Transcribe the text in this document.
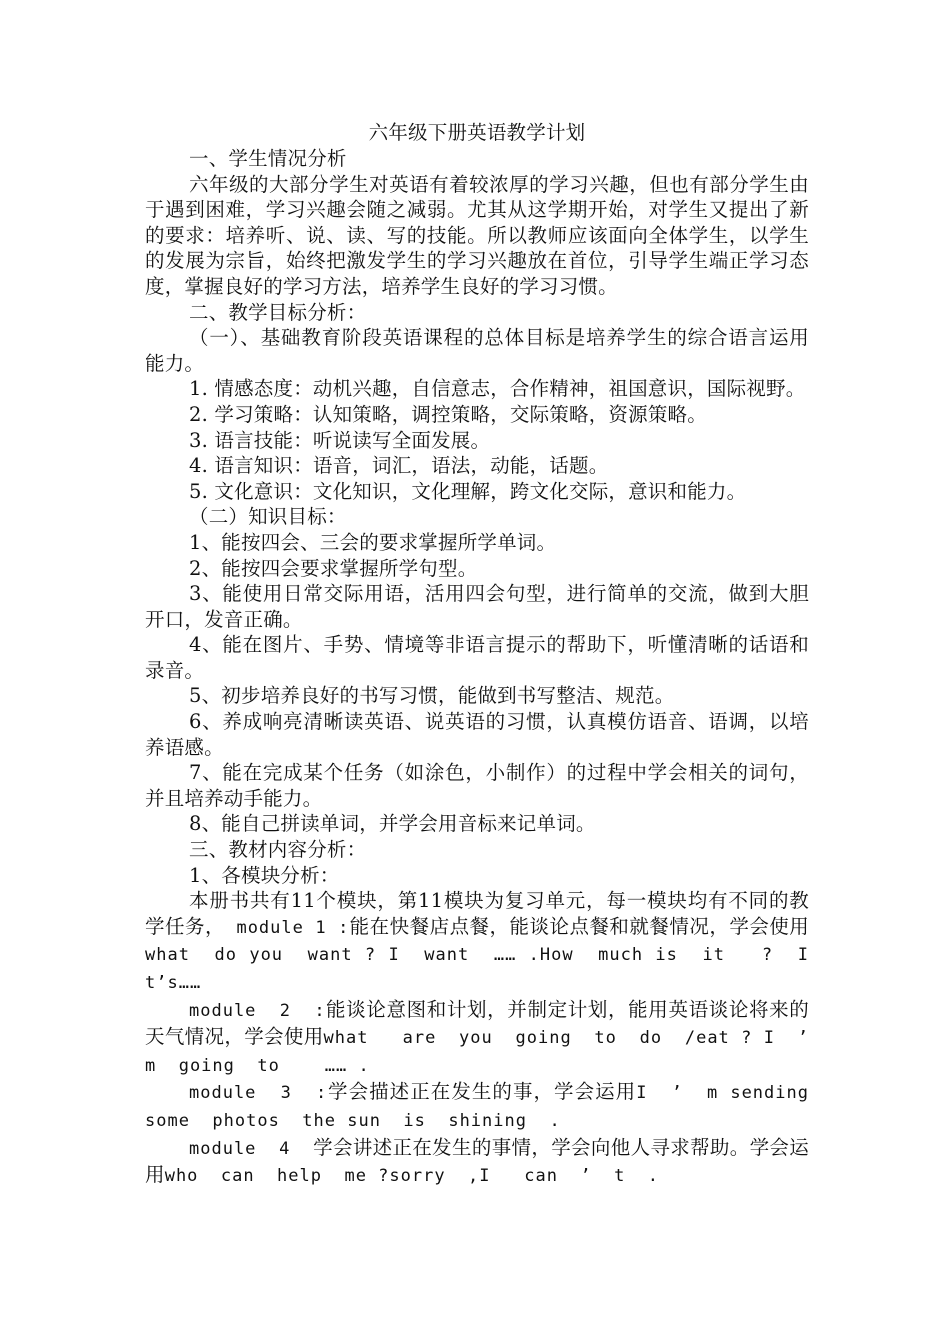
六年级下册英语教学计划

一、学生情况分析

六年级的大部分学生对英语有着较浓厚的学习兴趣，但也有部分学生由于遇到困难，学习兴趣会随之减弱。尤其从这学期开始，对学生又提出了新的要求：培养听、说、读、写的技能。所以教师应该面向全体学生，以学生的发展为宗旨，始终把激发学生的学习兴趣放在首位，引导学生端正学习态度，掌握良好的学习方法，培养学生良好的学习习惯。

二、教学目标分析：

（一）、基础教育阶段英语课程的总体目标是培养学生的综合语言运用能力。

1. 情感态度：动机兴趣，自信意志，合作精神，祖国意识，国际视野。

2. 学习策略：认知策略，调控策略，交际策略，资源策略。

3. 语言技能：听说读写全面发展。

4. 语言知识：语音，词汇，语法，动能，话题。

5. 文化意识：文化知识，文化理解，跨文化交际，意识和能力。

（二）知识目标：

1、能按四会、三会的要求掌握所学单词。

2、能按四会要求掌握所学句型。

3、能使用日常交际用语，活用四会句型，进行简单的交流，做到大胆开口，发音正确。

4、能在图片、手势、情境等非语言提示的帮助下，听懂清晰的话语和录音。

5、初步培养良好的书写习惯，能做到书写整洁、规范。

6、养成响亮清晰读英语、说英语的习惯，认真模仿语音、语调，以培养语感。

7、能在完成某个任务（如涂色，小制作）的过程中学会相关的词句，并且培养动手能力。

8、能自己拼读单词，并学会用音标来记单词。

三、教材内容分析：

1、各模块分析：

本册书共有11个模块，第11模块为复习单元，每一模块均有不同的教学任务， module 1 :能在快餐店点餐，能谈论点餐和就餐情况，学会使用what  do you  want ? I  want  …… .How  much is  it   ?  It’s……

module  2  :能谈论意图和计划，并制定计划，能用英语谈论将来的天气情况，学会使用what   are  you  going  to  do  /eat ? I  ’  m  going  to    …… .

module  3  :学会描述正在发生的事，学会运用I  ’  m sending  some  photos  the sun  is  shining  .

module  4  学会讲述正在发生的事情，学会向他人寻求帮助。学会运用who  can  help  me ?sorry  ,I   can  ’  t  .
